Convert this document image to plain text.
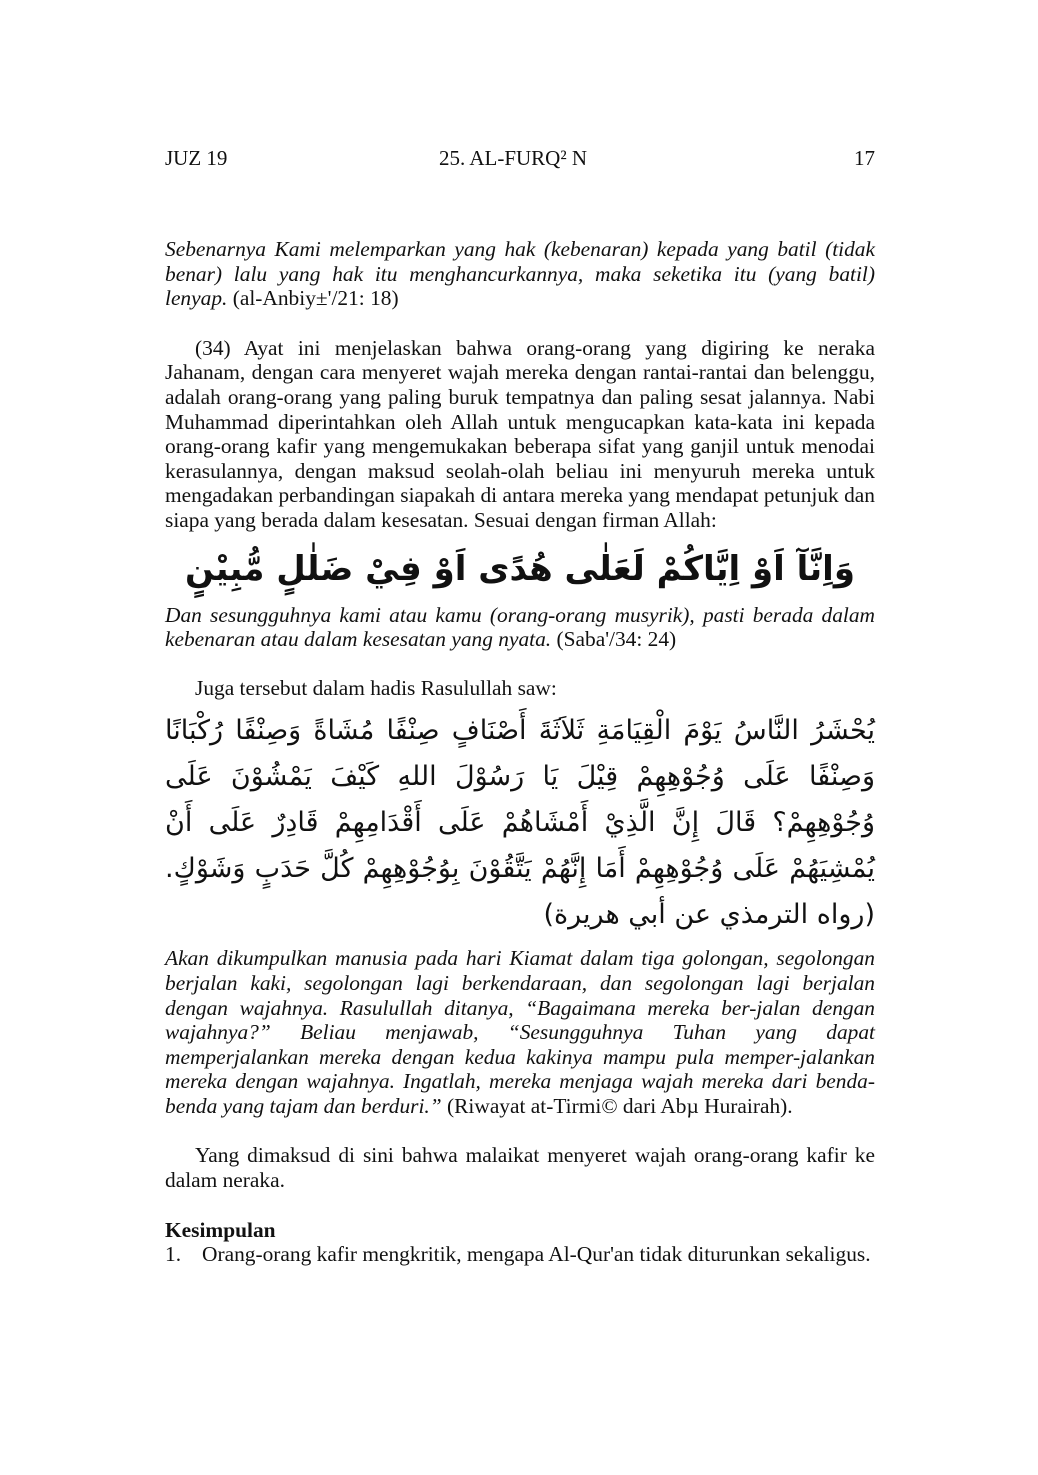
JUZ 19	25. AL-FURQ² N	17

Sebenarnya Kami melemparkan yang hak (kebenaran) kepada yang batil (tidak benar) lalu yang hak itu menghancurkannya, maka seketika itu (yang batil) lenyap. (al-Anbiy±'/21: 18)

(34) Ayat ini menjelaskan bahwa orang-orang yang digiring ke neraka Jahanam, dengan cara menyeret wajah mereka dengan rantai-rantai dan belenggu, adalah orang-orang yang paling buruk tempatnya dan paling sesat jalannya. Nabi Muhammad diperintahkan oleh Allah untuk mengucapkan kata-kata ini kepada orang-orang kafir yang mengemukakan beberapa sifat yang ganjil untuk menodai kerasulannya, dengan maksud seolah-olah beliau ini menyuruh mereka untuk mengadakan perbandingan siapakah di antara mereka yang mendapat petunjuk dan siapa yang berada dalam kesesatan. Sesuai dengan firman Allah:

وَاِنَّآ اَوْ اِيَّاكُمْ لَعَلٰى هُدًى اَوْ فِيْ ضَلٰلٍ مُّبِيْنٍ

Dan sesungguhnya kami atau kamu (orang-orang musyrik), pasti berada dalam kebenaran atau dalam kesesatan yang nyata. (Saba'/34: 24)

Juga tersebut dalam hadis Rasulullah saw:

يُحْشَرُ النَّاسُ يَوْمَ الْقِيَامَةِ ثَلاَثَةَ أَصْنَافٍ صِنْفًا مُشَاةً وَصِنْفًا رُكْبَانًا وَصِنْفًا عَلَى وُجُوْهِهِمْ قِيْلَ يَا رَسُوْلَ اللهِ كَيْفَ يَمْشُوْنَ عَلَى وُجُوْهِهِمْ؟ قَالَ إِنَّ الَّذِيْ أَمْشَاهُمْ عَلَى أَقْدَامِهِمْ قَادِرٌ عَلَى أَنْ يُمْشِيَهُمْ عَلَى وُجُوْهِهِمْ أَمَا إِنَّهُمْ يَتَّقُوْنَ بِوُجُوْهِهِمْ كُلَّ حَدَبٍ وَشَوْكٍ. (رواه الترمذي عن أبي هريرة)

Akan dikumpulkan manusia pada hari Kiamat dalam tiga golongan, segolongan berjalan kaki, segolongan lagi berkendaraan, dan segolongan lagi berjalan dengan wajahnya. Rasulullah ditanya, “Bagaimana mereka ber-jalan dengan wajahnya?” Beliau menjawab, “Sesungguhnya Tuhan yang dapat memperjalankan mereka dengan kedua kakinya mampu pula memper-jalankan mereka dengan wajahnya. Ingatlah, mereka menjaga wajah mereka dari benda-benda yang tajam dan berduri.” (Riwayat at-Tirmi© dari Abµ Hurairah).

Yang dimaksud di sini bahwa malaikat menyeret wajah orang-orang kafir ke dalam neraka.

Kesimpulan
1. Orang-orang kafir mengkritik, mengapa Al-Qur'an tidak diturunkan sekaligus.
